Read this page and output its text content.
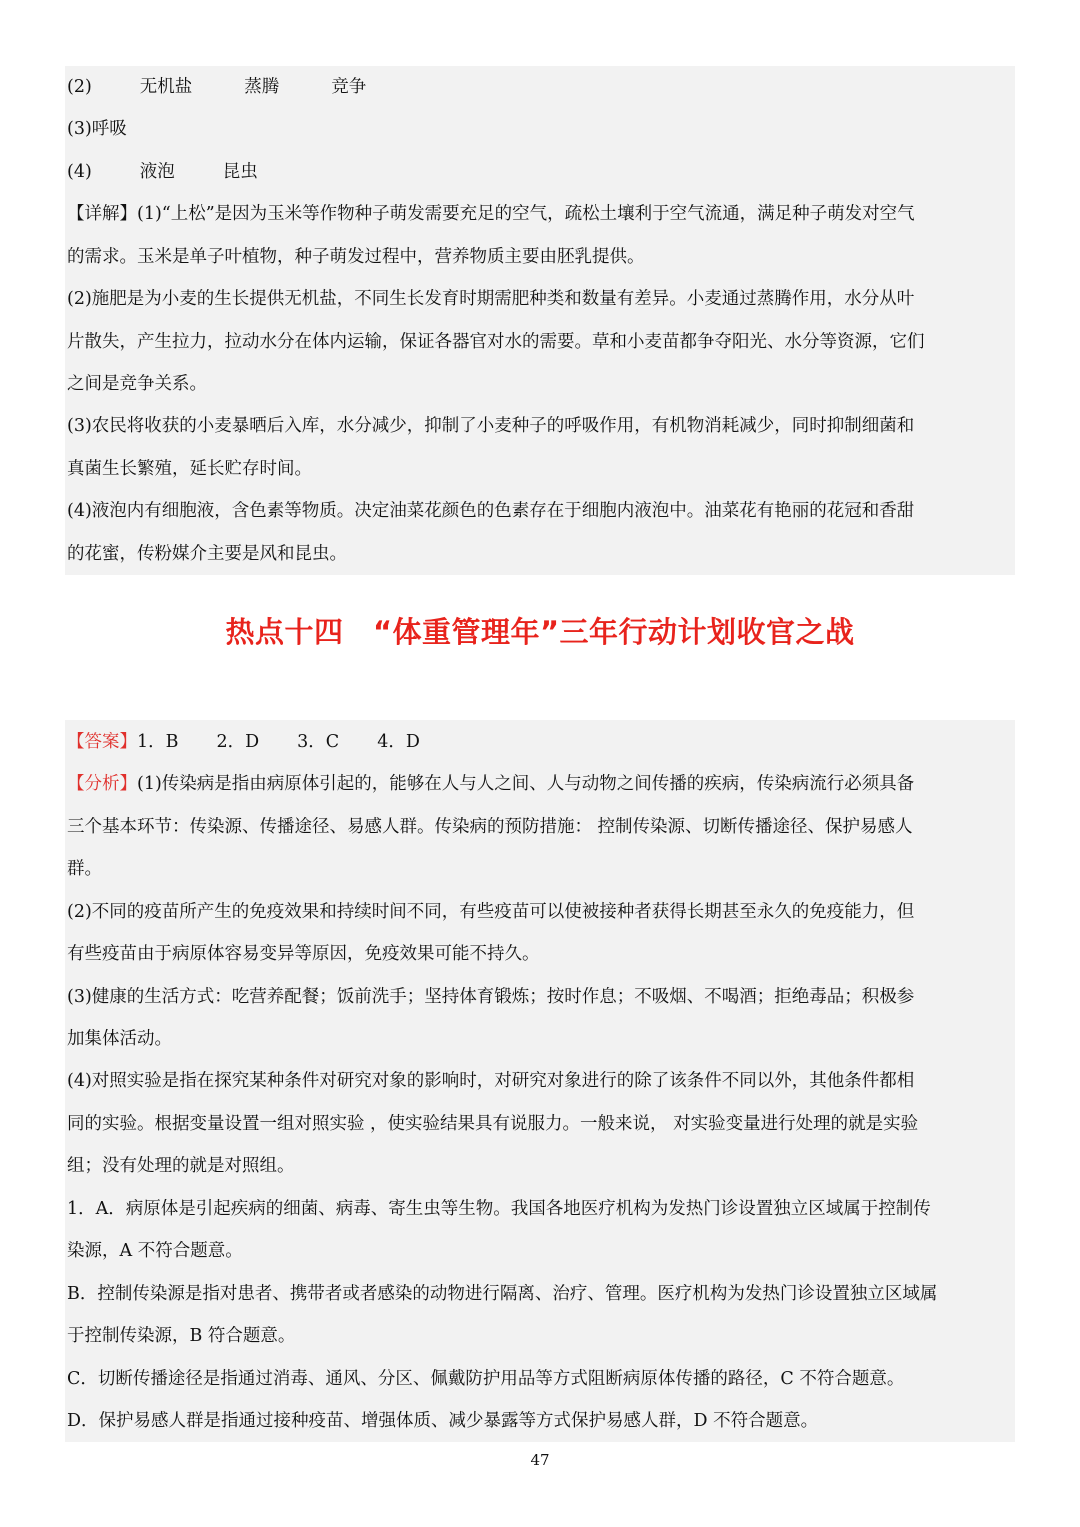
(2)	无机盐	蒸腾	竞争
(3)呼吸
(4)	液泡	昆虫
【详解】(1)“上松”是因为玉米等作物种子萌发需要充足的空气，疏松土壤利于空气流通，满足种子萌发对空气
的需求。玉米是单子叶植物，种子萌发过程中，营养物质主要由胚乳提供。
(2)施肥是为小麦的生长提供无机盐，不同生长发育时期需肥种类和数量有差异。小麦通过蒸腾作用，水分从叶
片散失，产生拉力，拉动水分在体内运输，保证各器官对水的需要。草和小麦苗都争夺阳光、水分等资源，它们
之间是竞争关系。
(3)农民将收获的小麦暴晒后入库，水分减少，抑制了小麦种子的呼吸作用，有机物消耗减少，同时抑制细菌和
真菌生长繁殖，延长贮存时间。
(4)液泡内有细胞液，含色素等物质。决定油菜花颜色的色素存在于细胞内液泡中。油菜花有艳丽的花冠和香甜
的花蜜，传粉媒介主要是风和昆虫。
热点十四　“体重管理年”三年行动计划收官之战
【答案】1．B 2．D 3．C 4．D
【分析】(1)传染病是指由病原体引起的，能够在人与人之间、人与动物之间传播的疾病，传染病流行必须具备
三个基本环节：传染源、传播途径、易感人群。传染病的预防措施： 控制传染源、切断传播途径、保护易感人
群。
(2)不同的疫苗所产生的免疫效果和持续时间不同，有些疫苗可以使被接种者获得长期甚至永久的免疫能力，但
有些疫苗由于病原体容易变异等原因，免疫效果可能不持久。
(3)健康的生活方式：吃营养配餐；饭前洗手；坚持体育锻炼；按时作息；不吸烟、不喝酒；拒绝毒品；积极参
加集体活动。
(4)对照实验是指在探究某种条件对研究对象的影响时，对研究对象进行的除了该条件不同以外，其他条件都相
同的实验。根据变量设置一组对照实验 ，使实验结果具有说服力。一般来说， 对实验变量进行处理的就是实验
组；没有处理的就是对照组。
1．A．病原体是引起疾病的细菌、病毒、寄生虫等生物。我国各地医疗机构为发热门诊设置独立区域属于控制传
染源，A 不符合题意。
B．控制传染源是指对患者、携带者或者感染的动物进行隔离、治疗、管理。医疗机构为发热门诊设置独立区域属
于控制传染源，B 符合题意。
C．切断传播途径是指通过消毒、通风、分区、佩戴防护用品等方式阻断病原体传播的路径，C 不符合题意。
D．保护易感人群是指通过接种疫苗、增强体质、减少暴露等方式保护易感人群，D 不符合题意。
47
